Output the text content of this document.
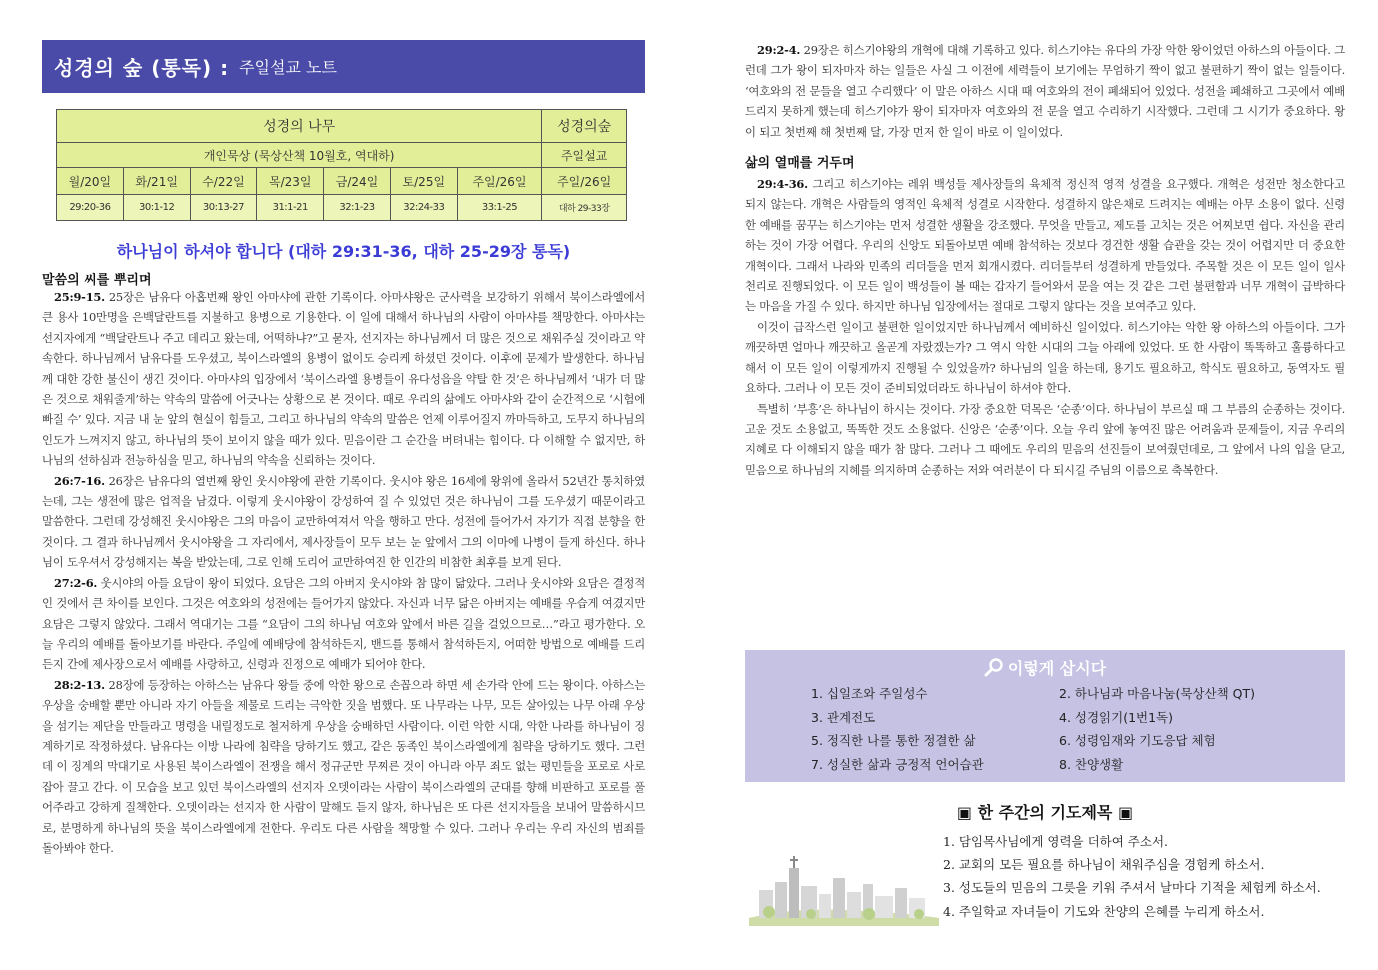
성경의 숲 (통독) : 주일설교 노트
성경의 나무							성경의숲
개인묵상 (묵상산책 10월호, 역대하)							주일설교
월/20일	화/21일	수/22일	목/23일	금/24일	토/25일	주일/26일	주일/26일
29:20-36	30:1-12	30:13-27	31:1-21	32:1-23	32:24-33	33:1-25	대하 29-33장
하나님이 하셔야 합니다 (대하 29:31-36, 대하 25-29장 통독)
말씀의 씨를 뿌리며

25:9-15. 25장은 남유다 아홉번째 왕인 아마샤에 관한 기록이다. 아마샤왕은 군사력을 보강하기 위해서 북이스라엘에서 큰 용사 10만명을 은백달란트를 지불하고 용병으로 기용한다. 이 일에 대해서 하나님의 사람이 아마샤를 책망한다. 아마샤는 선지자에게 “백달란트나 주고 데리고 왔는데, 어떡하냐?”고 묻자, 선지자는 하나님께서 더 많은 것으로 채워주실 것이라고 약속한다. 하나님께서 남유다를 도우셨고, 북이스라엘의 용병이 없이도 승리케 하셨던 것이다. 이후에 문제가 발생한다. 하나님께 대한 강한 불신이 생긴 것이다. 아마샤의 입장에서 ‘북이스라엘 용병들이 유다성읍을 약탈 한 것’은 하나님께서 ‘내가 더 많은 것으로 채워줄게’하는 약속의 말씀에 어긋나는 상황으로 본 것이다. 때로 우리의 삶에도 아마샤와 같이 순간적으로 ‘시험에 빠질 수’ 있다. 지금 내 눈 앞의 현실이 힘들고, 그리고 하나님의 약속의 말씀은 언제 이루어질지 까마득하고, 도무지 하나님의 인도가 느껴지지 않고, 하나님의 뜻이 보이지 않을 때가 있다. 믿음이란 그 순간을 버텨내는 힘이다. 다 이해할 수 없지만, 하나님의 선하심과 전능하심을 믿고, 하나님의 약속을 신뢰하는 것이다.

26:7-16. 26장은 남유다의 열번째 왕인 웃시야왕에 관한 기록이다. 웃시야 왕은 16세에 왕위에 올라서 52년간 통치하였는데, 그는 생전에 많은 업적을 남겼다. 이렇게 웃시야왕이 강성하여 질 수 있었던 것은 하나님이 그를 도우셨기 때문이라고 말씀한다. 그런데 강성해진 웃시야왕은 그의 마음이 교만하여져서 악을 행하고 만다. 성전에 들어가서 자기가 직접 분향을 한 것이다. 그 결과 하나님께서 웃시야왕을 그 자리에서, 제사장들이 모두 보는 눈 앞에서 그의 이마에 나병이 들게 하신다. 하나님이 도우셔서 강성해지는 복을 받았는데, 그로 인해 도리어 교만하여진 한 인간의 비참한 최후를 보게 된다.

27:2-6. 웃시야의 아들 요담이 왕이 되었다. 요담은 그의 아버지 웃시야와 참 많이 닮았다. 그러나 웃시야와 요담은 결정적인 것에서 큰 차이를 보인다. 그것은 여호와의 성전에는 들어가지 않았다. 자신과 너무 닮은 아버지는 예배를 우습게 여겼지만 요담은 그렇지 않았다. 그래서 역대기는 그를 “요담이 그의 하나님 여호와 앞에서 바른 길을 걸었으므로…”라고 평가한다. 오늘 우리의 예배를 돌아보기를 바란다. 주일에 예배당에 참석하든지, 밴드를 통해서 참석하든지, 어떠한 방법으로 예배를 드리든지 간에 제사장으로서 예배를 사랑하고, 신령과 진정으로 예배가 되어야 한다.

28:2-13. 28장에 등장하는 아하스는 남유다 왕들 중에 악한 왕으로 손꼽으라 하면 세 손가락 안에 드는 왕이다. 아하스는 우상을 숭배할 뿐만 아니라 자기 아들을 제물로 드리는 극악한 짓을 범했다. 또 나무라는 나무, 모든 살아있는 나무 아래 우상을 섬기는 제단을 만들라고 명령을 내릴정도로 철저하게 우상을 숭배하던 사람이다. 이런 악한 시대, 악한 나라를 하나님이 징계하기로 작정하셨다. 남유다는 이방 나라에 침략을 당하기도 했고, 같은 동족인 북이스라엘에게 침략을 당하기도 했다. 그런데 이 징계의 막대기로 사용된 북이스라엘이 전쟁을 해서 정규군만 무찌른 것이 아니라 아무 죄도 없는 평민들을 포로로 사로잡아 끌고 간다. 이 모습을 보고 있던 북이스라엘의 선지자 오뎃이라는 사람이 북이스라엘의 군대를 향해 비판하고 포로를 풀어주라고 강하게 질책한다. 오뎃이라는 선지자 한 사람이 말해도 듣지 않자, 하나님은 또 다른 선지자들을 보내어 말씀하시므로, 분명하게 하나님의 뜻을 북이스라엘에게 전한다. 우리도 다른 사람을 책망할 수 있다. 그러나 우리는 우리 자신의 범죄를 돌아봐야 한다.

29:2-4. 29장은 히스기야왕의 개혁에 대해 기록하고 있다. 히스기야는 유다의 가장 악한 왕이었던 아하스의 아들이다. 그런데 그가 왕이 되자마자 하는 일들은 사실 그 이전에 세력들이 보기에는 무엄하기 짝이 없고 불편하기 짝이 없는 일들이다. ‘여호와의 전 문들을 열고 수리했다’ 이 말은 아하스 시대 때 여호와의 전이 폐쇄되어 있었다. 성전을 폐쇄하고 그곳에서 예배드리지 못하게 했는데 히스기야가 왕이 되자마자 여호와의 전 문을 열고 수리하기 시작했다. 그런데 그 시기가 중요하다. 왕이 되고 첫번째 해 첫번째 달, 가장 먼저 한 일이 바로 이 일이었다.

삶의 열매를 거두며

29:4-36. 그리고 히스기야는 레위 백성들 제사장들의 육체적 정신적 영적 성결을 요구했다. 개혁은 성전만 청소한다고 되지 않는다. 개혁은 사람들의 영적인 육체적 성결로 시작한다. 성결하지 않은채로 드려지는 예배는 아무 소용이 없다. 신령한 예배를 꿈꾸는 히스기야는 먼저 성결한 생활을 강조했다. 무엇을 만들고, 제도를 고치는 것은 어찌보면 쉽다. 자신을 관리하는 것이 가장 어렵다. 우리의 신앙도 되돌아보면 예배 참석하는 것보다 경건한 생활 습관을 갖는 것이 어렵지만 더 중요한 개혁이다. 그래서 나라와 민족의 리더들을 먼저 회개시켰다. 리더들부터 성결하게 만들었다. 주목할 것은 이 모든 일이 일사천리로 진행되었다. 이 모든 일이 백성들이 볼 때는 갑자기 들어와서 문을 여는 것 같은 그런 불편함과 너무 개혁이 급박하다는 마음을 가질 수 있다. 하지만 하나님 입장에서는 절대로 그렇지 않다는 것을 보여주고 있다.

이것이 급작스런 일이고 불편한 일이었지만 하나님께서 예비하신 일이었다. 히스기야는 악한 왕 아하스의 아들이다. 그가 깨끗하면 얼마나 깨끗하고 올곧게 자랐겠는가? 그 역시 악한 시대의 그늘 아래에 있었다. 또 한 사람이 똑똑하고 훌륭하다고 해서 이 모든 일이 이렇게까지 진행될 수 있었을까? 하나님의 일을 하는데, 용기도 필요하고, 학식도 필요하고, 동역자도 필요하다. 그러나 이 모든 것이 준비되었더라도 하나님이 하셔야 한다.

특별히 ‘부흥’은 하나님이 하시는 것이다. 가장 중요한 덕목은 ‘순종’이다. 하나님이 부르실 때 그 부름의 순종하는 것이다. 고운 것도 소용없고, 똑똑한 것도 소용없다. 신앙은 ‘순종’이다. 오늘 우리 앞에 놓여진 많은 어려움과 문제들이, 지금 우리의 지혜로 다 이해되지 않을 때가 참 많다. 그러나 그 때에도 우리의 믿음의 선진들이 보여줬던데로, 그 앞에서 나의 입을 닫고, 믿음으로 하나님의 지혜를 의지하며 순종하는 저와 여러분이 다 되시길 주님의 이름으로 축복한다.

이렇게 삽시다
1. 십일조와 주일성수	2. 하나님과 마음나눔(묵상산책 QT)
3. 관계전도	4. 성경읽기(1번1독)
5. 정직한 나를 통한 정결한 삶	6. 성령임재와 기도응답 체험
7. 성실한 삶과 긍정적 언어습관	8. 찬양생활
▣ 한 주간의 기도제목 ▣
1. 담임목사님에게 영력을 더하여 주소서.
2. 교회의 모든 필요를 하나님이 채워주심을 경험케 하소서.
3. 성도들의 믿음의 그릇을 키워 주셔서 날마다 기적을 체험케 하소서.
4. 주일학교 자녀들이 기도와 찬양의 은혜를 누리게 하소서.
